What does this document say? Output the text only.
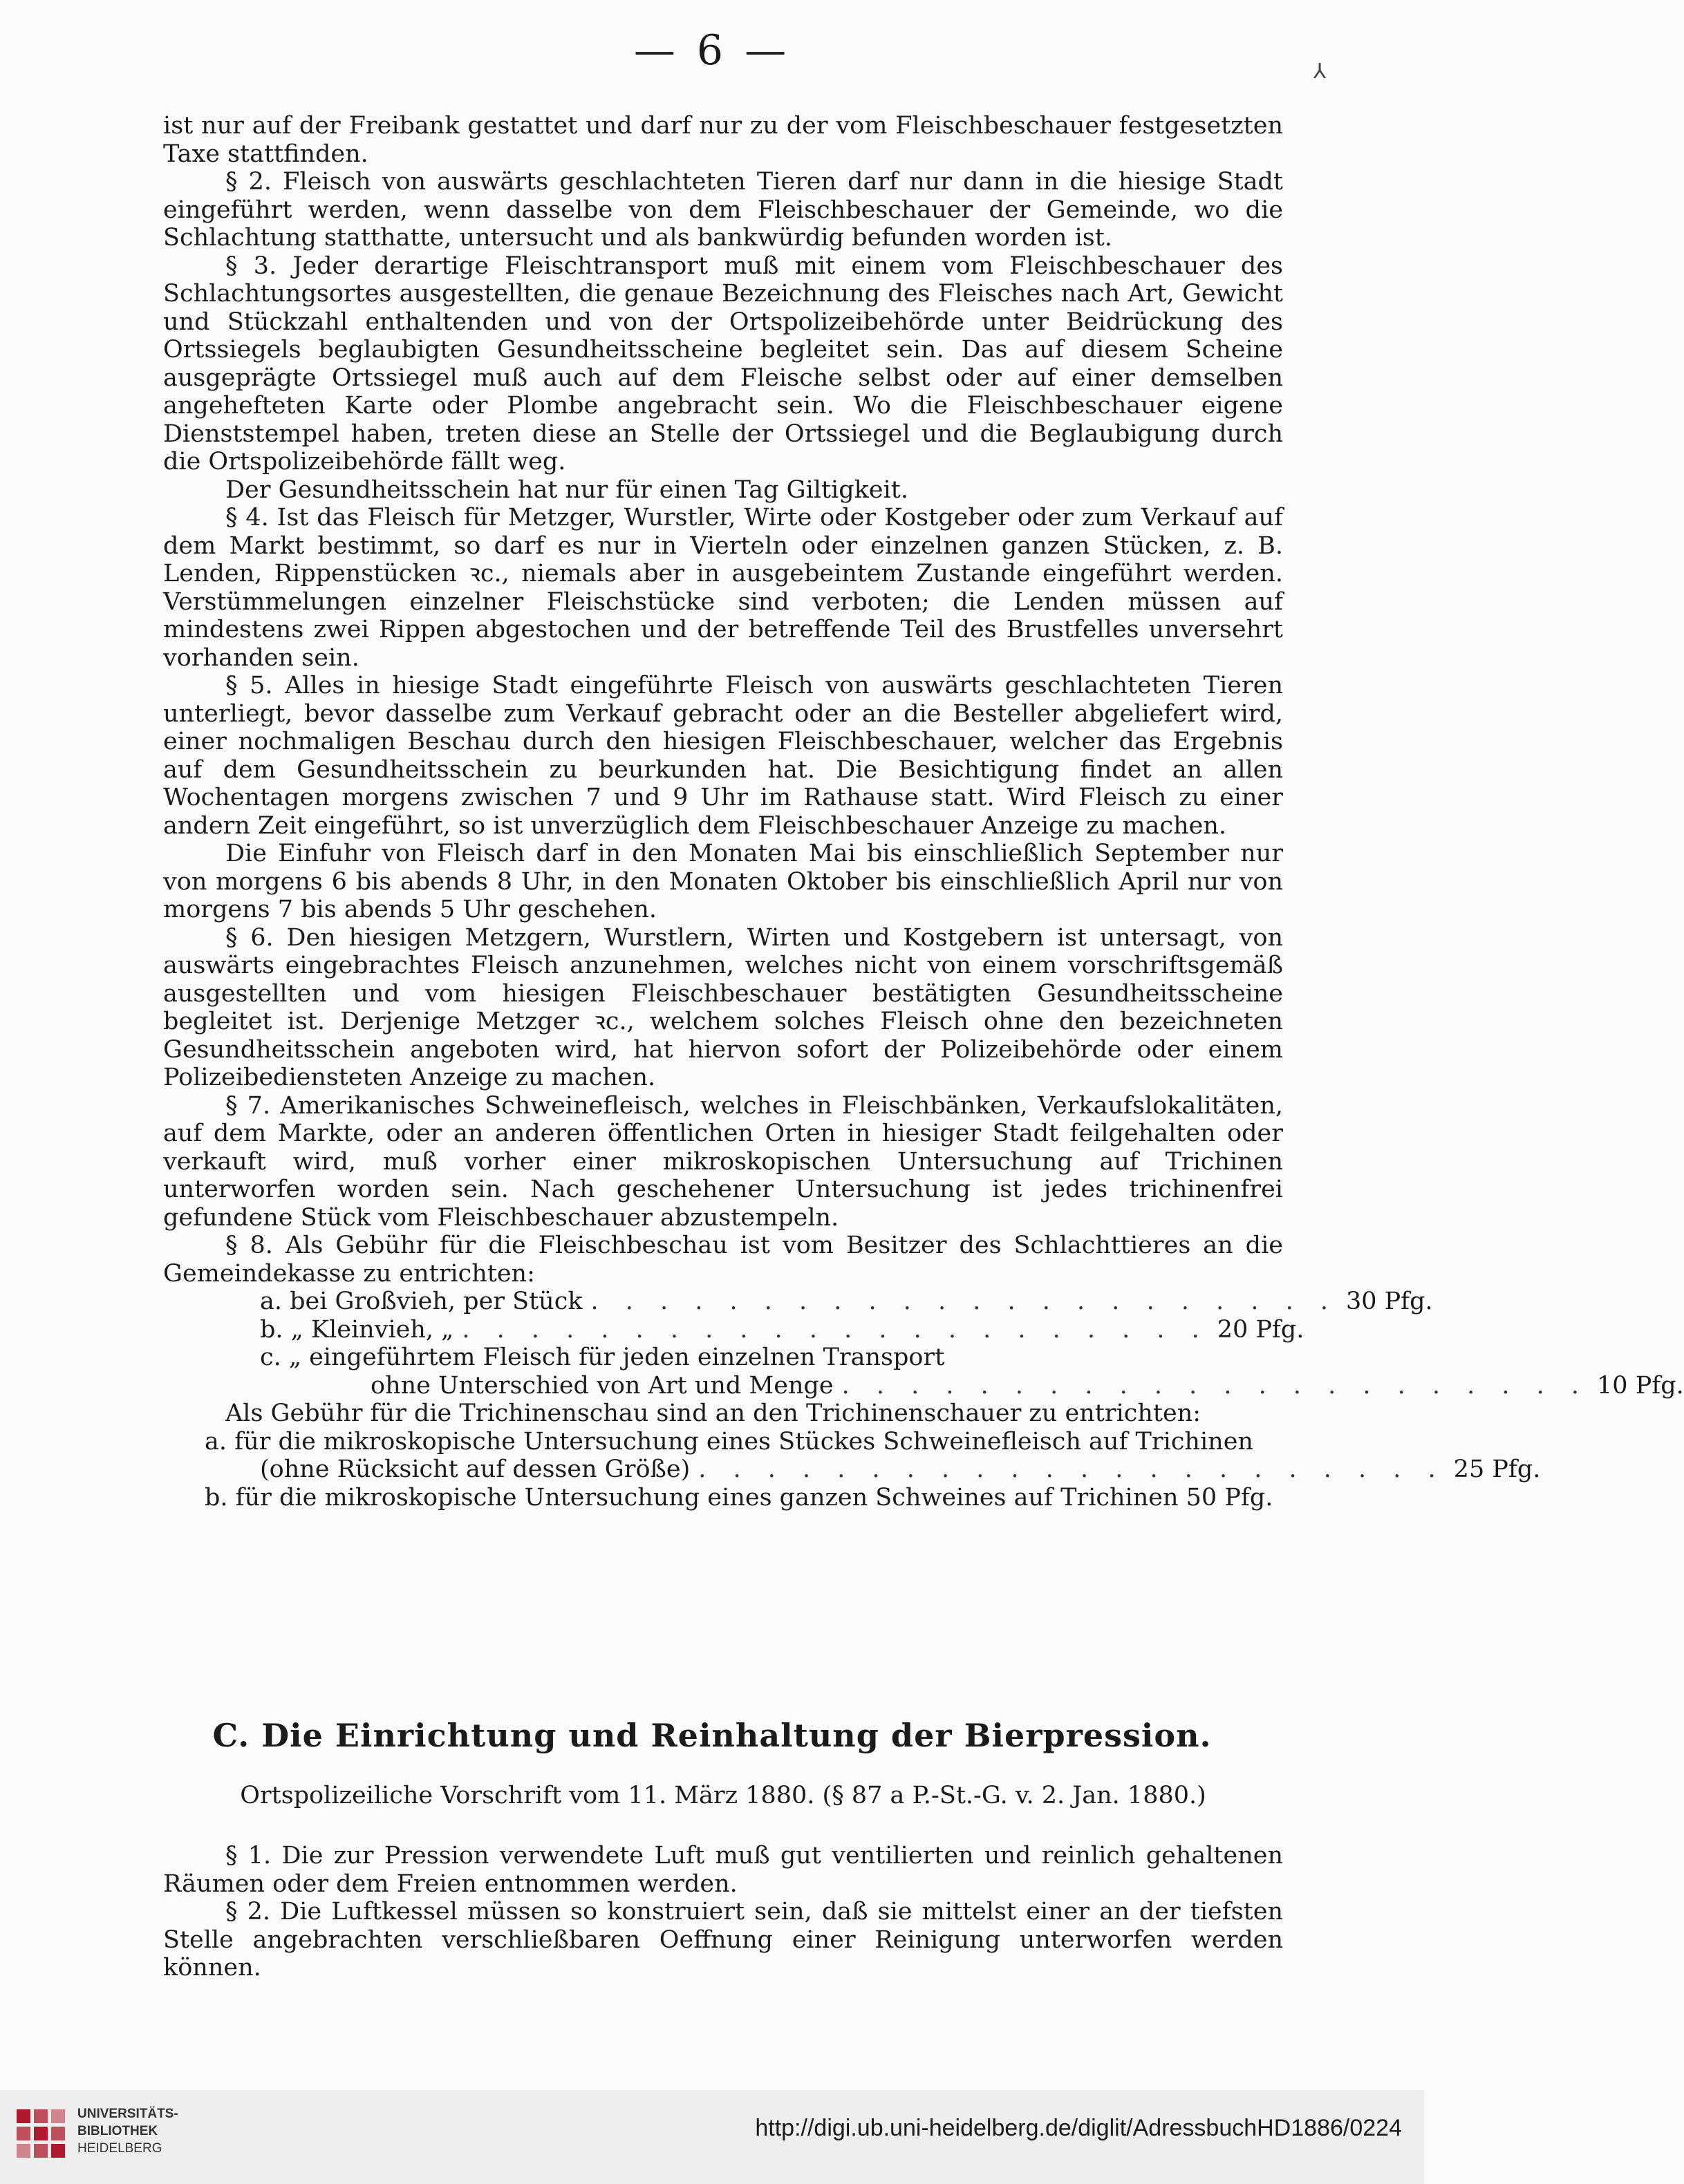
— 6 —	⅄

ist nur auf der Freibank gestattet und darf nur zu der vom Fleischbeschauer festgesetzten Taxe stattfinden.

§ 2. Fleisch von auswärts geschlachteten Tieren darf nur dann in die hiesige Stadt eingeführt werden, wenn dasselbe von dem Fleischbeschauer der Gemeinde, wo die Schlachtung statthatte, untersucht und als bankwürdig befunden worden ist.

§ 3. Jeder derartige Fleischtransport muß mit einem vom Fleischbeschauer des Schlachtungsortes ausgestellten, die genaue Bezeichnung des Fleisches nach Art, Gewicht und Stückzahl enthaltenden und von der Ortspolizeibehörde unter Beidrückung des Ortssiegels beglaubigten Gesundheitsscheine begleitet sein. Das auf diesem Scheine ausgeprägte Ortssiegel muß auch auf dem Fleische selbst oder auf einer demselben angehefteten Karte oder Plombe angebracht sein. Wo die Fleischbeschauer eigene Dienststempel haben, treten diese an Stelle der Ortssiegel und die Beglaubigung durch die Ortspolizeibehörde fällt weg.

Der Gesundheitsschein hat nur für einen Tag Giltigkeit.

§ 4. Ist das Fleisch für Metzger, Wurstler, Wirte oder Kostgeber oder zum Verkauf auf dem Markt bestimmt, so darf es nur in Vierteln oder einzelnen ganzen Stücken, z. B. Lenden, Rippenstücken ꝛc., niemals aber in ausgebeintem Zustande eingeführt werden. Verstümmelungen einzelner Fleischstücke sind verboten; die Lenden müssen auf mindestens zwei Rippen abgestochen und der betreffende Teil des Brustfelles unversehrt vorhanden sein.

§ 5. Alles in hiesige Stadt eingeführte Fleisch von auswärts geschlachteten Tieren unterliegt, bevor dasselbe zum Verkauf gebracht oder an die Besteller abgeliefert wird, einer nochmaligen Beschau durch den hiesigen Fleischbeschauer, welcher das Ergebnis auf dem Gesundheitsschein zu beurkunden hat. Die Besichtigung findet an allen Wochentagen morgens zwischen 7 und 9 Uhr im Rathause statt. Wird Fleisch zu einer andern Zeit eingeführt, so ist unverzüglich dem Fleischbeschauer Anzeige zu machen.

Die Einfuhr von Fleisch darf in den Monaten Mai bis einschließlich September nur von morgens 6 bis abends 8 Uhr, in den Monaten Oktober bis einschließlich April nur von morgens 7 bis abends 5 Uhr geschehen.

§ 6. Den hiesigen Metzgern, Wurstlern, Wirten und Kostgebern ist untersagt, von auswärts eingebrachtes Fleisch anzunehmen, welches nicht von einem vorschriftsgemäß ausgestellten und vom hiesigen Fleischbeschauer bestätigten Gesundheitsscheine begleitet ist. Derjenige Metzger ꝛc., welchem solches Fleisch ohne den bezeichneten Gesundheitsschein angeboten wird, hat hiervon sofort der Polizeibehörde oder einem Polizeibediensteten Anzeige zu machen.

§ 7. Amerikanisches Schweinefleisch, welches in Fleischbänken, Verkaufslokalitäten, auf dem Markte, oder an anderen öffentlichen Orten in hiesiger Stadt feilgehalten oder verkauft wird, muß vorher einer mikroskopischen Untersuchung auf Trichinen unterworfen worden sein. Nach geschehener Untersuchung ist jedes trichinenfrei gefundene Stück vom Fleischbeschauer abzustempeln.

§ 8. Als Gebühr für die Fleischbeschau ist vom Besitzer des Schlachttieres an die Gemeindekasse zu entrichten:

a. bei Großvieh, per Stück . . . . . . . . . . . . . . . . . . . . . . 30 Pfg.
b. „ Kleinvieh, „ . . . . . . . . . . . . . . . . . . . . . . 20 Pfg.
c. „ eingeführtem Fleisch für jeden einzelnen Transport
ohne Unterschied von Art und Menge . . . . . . . . . . . . . . . . . . . . . . 10 Pfg.

Als Gebühr für die Trichinenschau sind an den Trichinenschauer zu entrichten:

a. für die mikroskopische Untersuchung eines Stückes Schweinefleisch auf Trichinen
(ohne Rücksicht auf dessen Größe) . . . . . . . . . . . . . . . . . . . . . . 25 Pfg.
b. für die mikroskopische Untersuchung eines ganzen Schweines auf Trichinen 50 Pfg.
C. Die Einrichtung und Reinhaltung der Bierpression.
Ortspolizeiliche Vorschrift vom 11. März 1880. (§ 87 a P.-St.-G. v. 2. Jan. 1880.)

§ 1. Die zur Pression verwendete Luft muß gut ventilierten und reinlich gehaltenen Räumen oder dem Freien entnommen werden.

§ 2. Die Luftkessel müssen so konstruiert sein, daß sie mittelst einer an der tiefsten Stelle angebrachten verschließbaren Oeffnung einer Reinigung unterworfen werden können.

UNIVERSITÄTS-
BIBLIOTHEK
HEIDELBERG
http://digi.ub.uni-heidelberg.de/diglit/AdressbuchHD1886/0224
